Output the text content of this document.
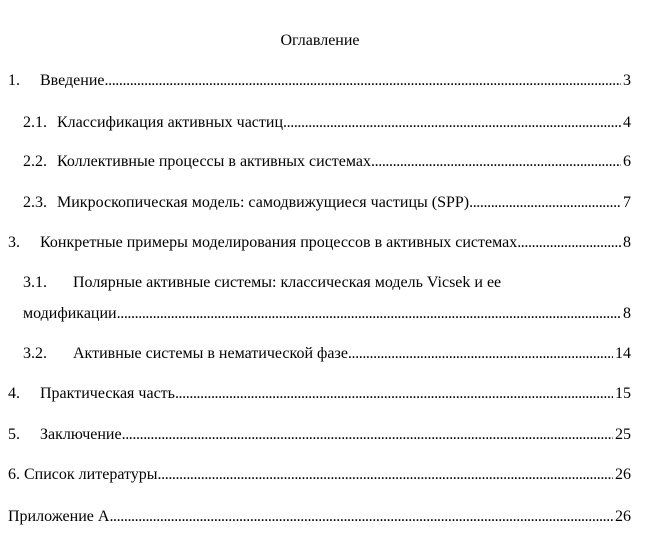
Оглавление
1. Введение . . .	3
2.1. Классификация активных частиц . . .	4
2.2. Коллективные процессы в активных системах . . .	6
2.3. Микроскопическая модель: самодвижущиеся частицы (SPP) . . .	7
3. Конкретные примеры моделирования процессов в активных системах . . .	8
3.1. Полярные активные системы: классическая модель Vicsek и ее
модификации . . .	8
3.2. Активные системы в нематической фазе . . .	14
4. Практическая часть . . .	15
5. Заключение . . .	25
6. Список литературы . . .	26
Приложение А . . .	26
